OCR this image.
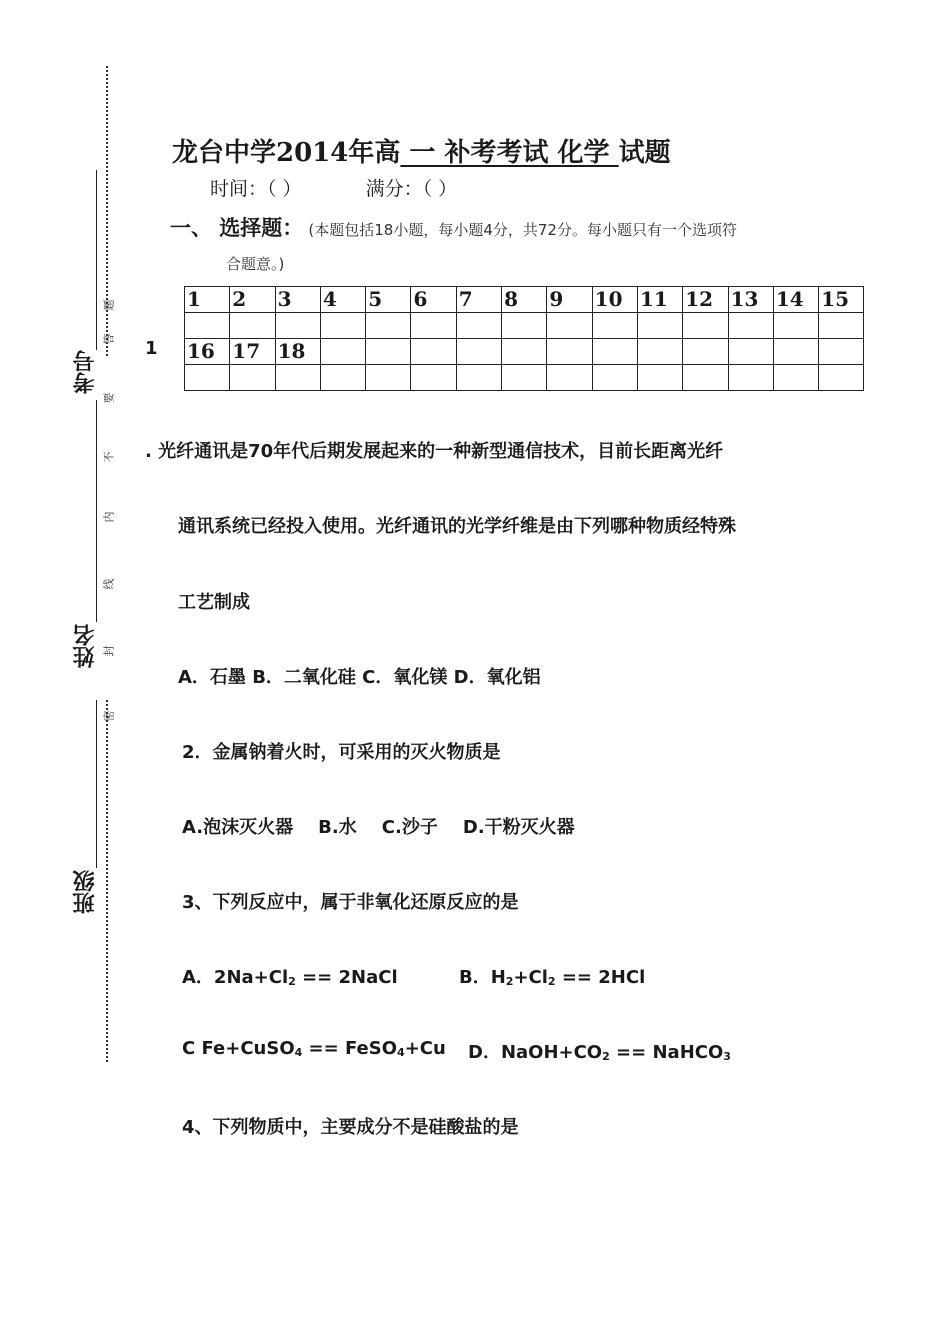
考号
姓名
班级
题
答
要
不
内
线
封
密
龙台中学2014年高 一 补考考试 化学 试题
时间：（ ）	满分：（ ）
一、 选择题： (本题包括18小题，每小题4分，共72分。每小题只有一个选项符
合题意。)
1	2	3	4	5	6	7	8	9	10	11	12	13	14	15

16	17	18												

1
. 光纤通讯是70年代后期发展起来的一种新型通信技术，目前长距离光纤
通讯系统已经投入使用。光纤通讯的光学纤维是由下列哪种物质经特殊
工艺制成
A．石墨 B．二氧化硅 C．氧化镁 D．氧化铝
2．金属钠着火时，可采用的灭火物质是
A.泡沫灭火器    B.水    C.沙子    D.干粉灭火器
3、下列反应中，属于非氧化还原反应的是
A．$2Na+Cl_2$ == 2NaCl	B．$H_2+Cl_2 == 2HCl$
C Fe+CuSO$_4$ == FeSO$_4$+Cu D．$NaOH+CO_2$ == NaHCO$_3$
4、下列物质中，主要成分不是硅酸盐的是
